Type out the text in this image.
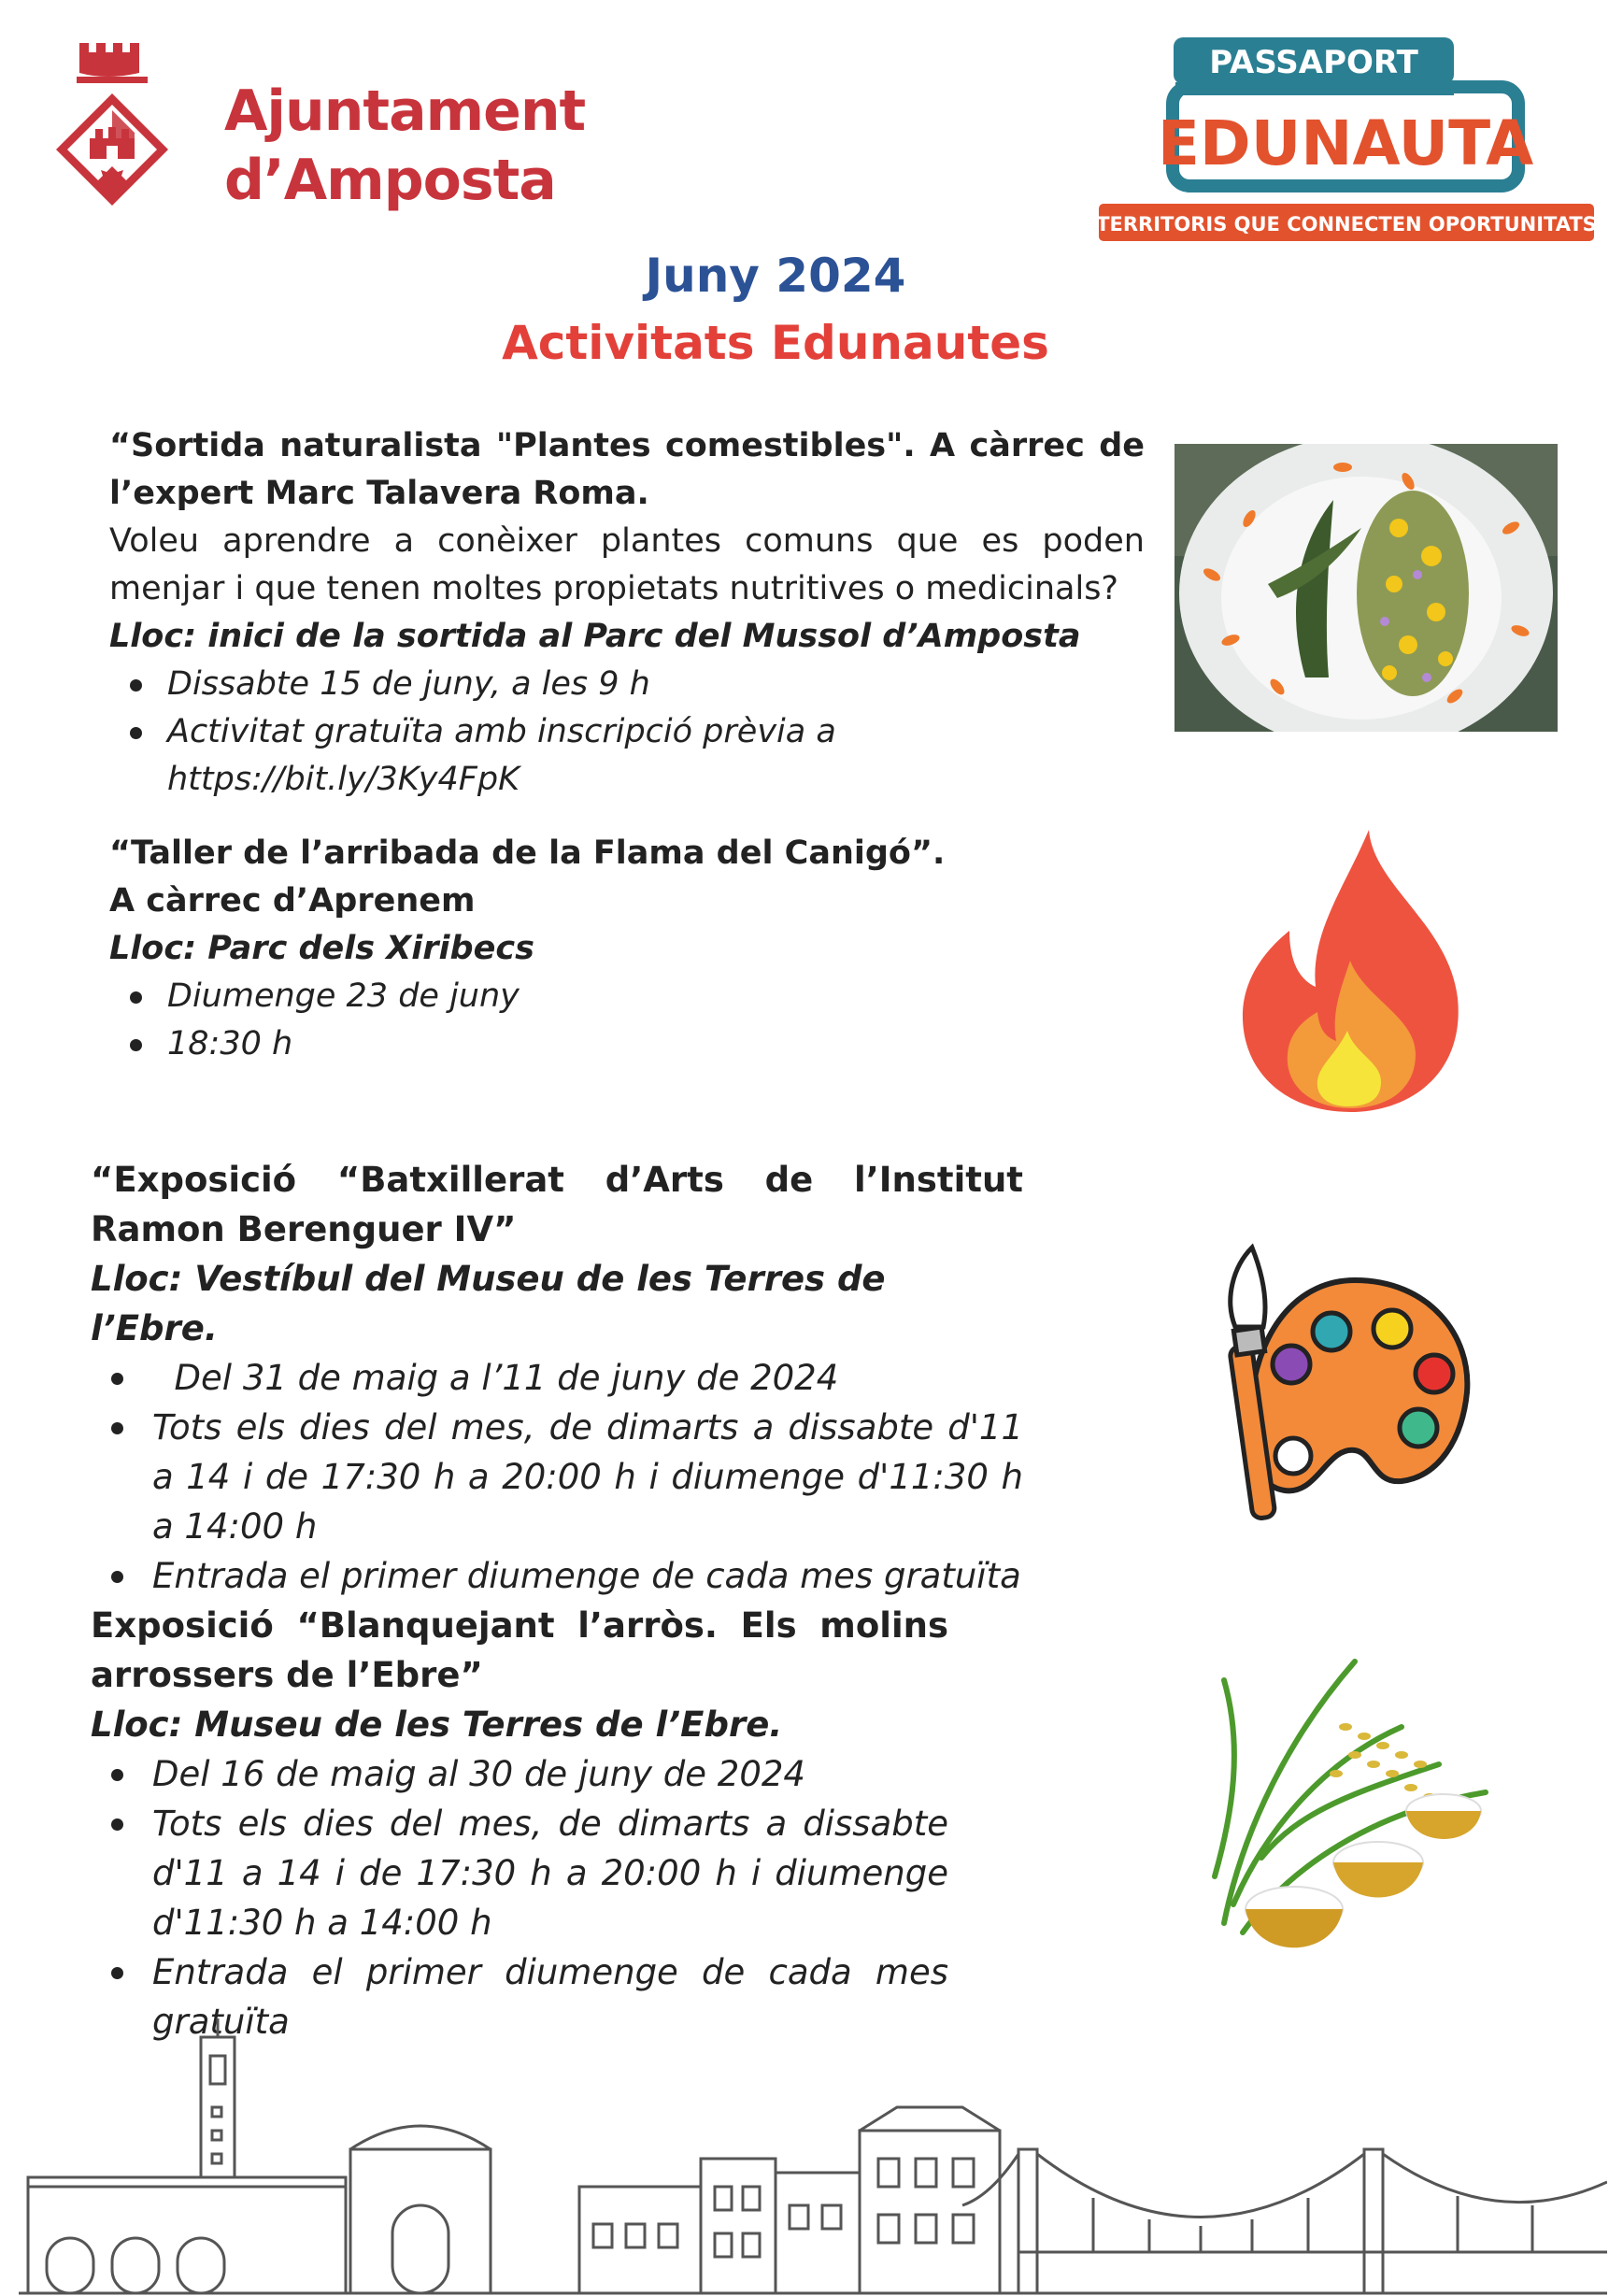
Ajuntament
d’Amposta
PASSAPORT
EDUNAUTA
TERRITORIS QUE CONNECTEN OPORTUNITATS
Juny 2024
Activitats Edunautes

“Sortida naturalista "Plantes comestibles". A càrrec de l’expert Marc Talavera Roma.

Voleu aprendre a conèixer plantes comuns que es poden menjar i que tenen moltes propietats nutritives o medicinals?

Lloc: inici de la sortida al Parc del Mussol d’Amposta

Dissabte 15 de juny, a les 9 h
Activitat gratuïta amb inscripció prèvia a https://bit.ly/3Ky4FpK

“Taller de l’arribada de la Flama del Canigó”.

A càrrec d’Aprenem

Lloc: Parc dels Xiribecs

Diumenge 23 de juny
18:30 h

“Exposició “Batxillerat d’Arts de l’Institut Ramon Berenguer IV”

Lloc: Vestíbul del Museu de les Terres de l’Ebre.

Del 31 de maig a l’11 de juny de 2024
Tots els dies del mes, de dimarts a dissabte d'11 a 14 i de 17:30 h a 20:00 h i diumenge d'11:30 h a 14:00 h
Entrada el primer diumenge de cada mes gratuïta

Exposició “Blanquejant l’arròs. Els molins arrossers de l’Ebre”

Lloc: Museu de les Terres de l’Ebre.

Del 16 de maig al 30 de juny de 2024
Tots els dies del mes, de dimarts a dissabte d'11 a 14 i de 17:30 h a 20:00 h i diumenge d'11:30 h a 14:00 h
Entrada el primer diumenge de cada mes gratuïta
